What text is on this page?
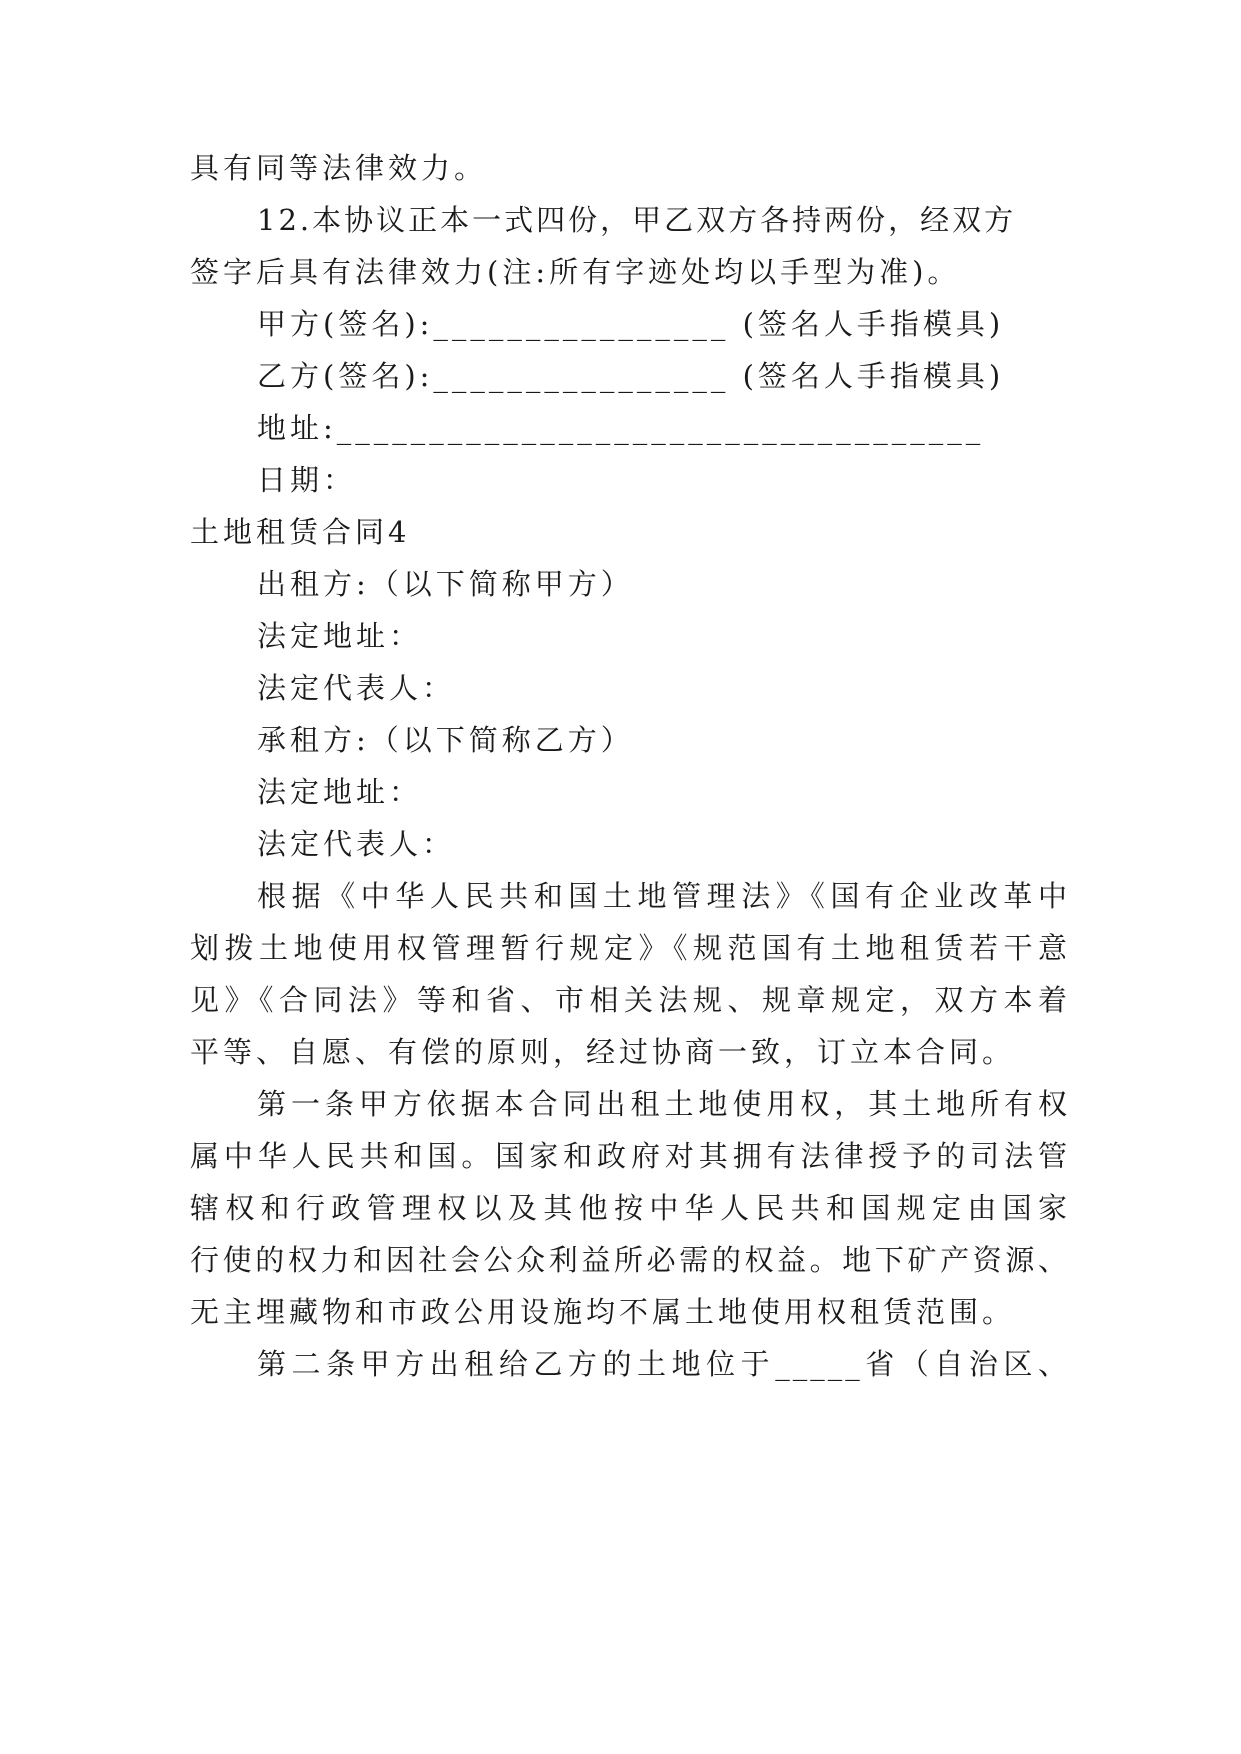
具有同等法律效力。
12.本协议正本一式四份，甲乙双方各持两份，经双方
签字后具有法律效力(注:所有字迹处均以手型为准)。
甲方(签名):________________ (签名人手指模具)
乙方(签名):________________ (签名人手指模具)
地址:___________________________________
日期：
土地租赁合同4
出租方:（以下简称甲方）
法定地址：
法定代表人：
承租方:（以下简称乙方）
法定地址：
法定代表人：
根据《中华人民共和国土地管理法》《国有企业改革中
划拨土地使用权管理暂行规定》《规范国有土地租赁若干意
见》《合同法》等和省、市相关法规、规章规定，双方本着
平等、自愿、有偿的原则，经过协商一致，订立本合同。
第一条甲方依据本合同出租土地使用权，其土地所有权
属中华人民共和国。国家和政府对其拥有法律授予的司法管
辖权和行政管理权以及其他按中华人民共和国规定由国家
行使的权力和因社会公众利益所必需的权益。地下矿产资源、
无主埋藏物和市政公用设施均不属土地使用权租赁范围。
第二条甲方出租给乙方的土地位于_____省（自治区、
